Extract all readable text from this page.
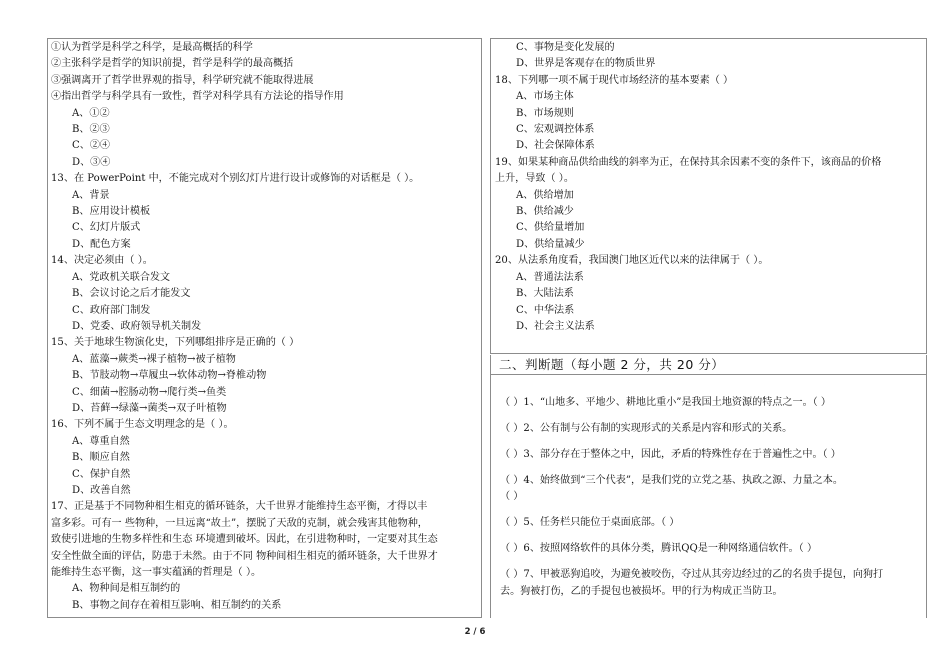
①认为哲学是科学之科学，是最高概括的科学
②主张科学是哲学的知识前提，哲学是科学的最高概括
③强调离开了哲学世界观的指导，科学研究就不能取得进展
④指出哲学与科学具有一致性，哲学对科学具有方法论的指导作用
A、①②
B、②③
C、②④
D、③④
13、在 PowerPoint 中，不能完成对个别幻灯片进行设计或修饰的对话框是（ ）。
A、背景
B、应用设计模板
C、幻灯片版式
D、配色方案
14、决定必须由（ ）。
A、党政机关联合发文
B、会议讨论之后才能发文
C、政府部门制发
D、党委、政府领导机关制发
15、关于地球生物演化史，下列哪组排序是正确的（ ）
A、蓝藻→蕨类→裸子植物→被子植物
B、节肢动物→草履虫→软体动物→脊椎动物
C、细菌→腔肠动物→爬行类→鱼类
D、苔藓→绿藻→菌类→双子叶植物
16、下列不属于生态文明理念的是（ ）。
A、尊重自然
B、顺应自然
C、保护自然
D、改善自然
17、正是基于不同物种相生相克的循环链条，大千世界才能维持生态平衡，才得以丰
富多彩。可有一 些物种，一旦远离“故土”，摆脱了天敌的克制，就会残害其他物种，
致使引进地的生物多样性和生态 环境遭到破坏。因此，在引进物种时，一定要对其生态
安全性做全面的评估，防患于未然。由于不同 物种间相生相克的循环链条，大千世界才
能维持生态平衡，这一事实蕴涵的哲理是（ ）。
A、物种间是相互制约的
B、事物之间存在着相互影响、相互制约的关系
C、事物是变化发展的
D、世界是客观存在的物质世界
18、下列哪一项不属于现代市场经济的基本要素（ ）
A、市场主体
B、市场规则
C、宏观调控体系
D、社会保障体系
19、如果某种商品供给曲线的斜率为正，在保持其余因素不变的条件下，该商品的价格
上升，导致（ ）。
A、供给增加
B、供给减少
C、供给量增加
D、供给量减少
20、从法系角度看，我国澳门地区近代以来的法律属于（ ）。
A、普通法法系
B、大陆法系
C、中华法系
D、社会主义法系
二、判断题（每小题 2 分，共 20 分）
（ ）1、“山地多、平地少、耕地比重小”是我国土地资源的特点之一。（ ）
（ ）2、公有制与公有制的实现形式的关系是内容和形式的关系。
（ ）3、部分存在于整体之中，因此，矛盾的特殊性存在于普遍性之中。（ ）
（ ）4、始终做到“三个代表”，是我们党的立党之基、执政之源、力量之本。
（ ）
（ ）5、任务栏只能位于桌面底部。（ ）
（ ）6、按照网络软件的具体分类，腾讯QQ是一种网络通信软件。（ ）
（ ）7、甲被恶狗追咬，为避免被咬伤，夺过从其旁边经过的乙的名贵手提包，向狗打
去。狗被打伤，乙的手提包也被损坏。甲的行为构成正当防卫。
2 / 6
